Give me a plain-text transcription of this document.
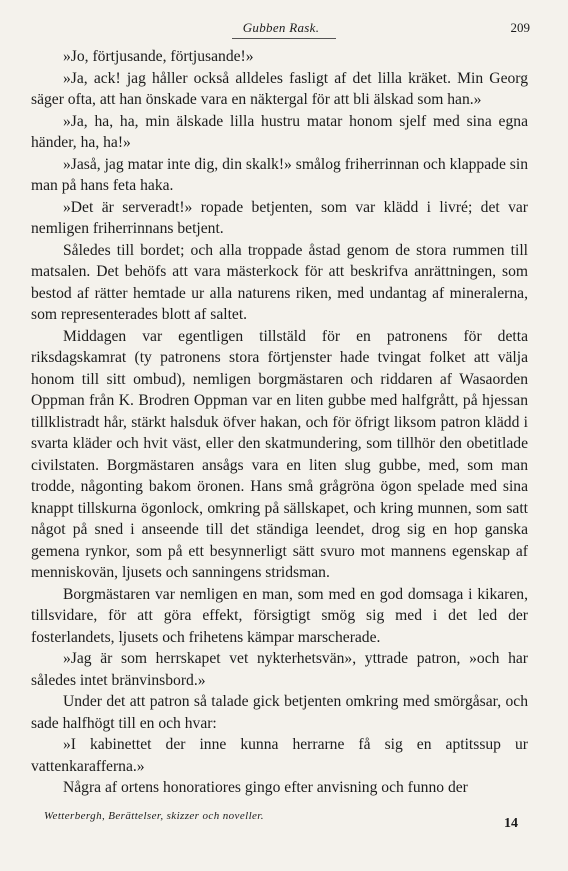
Gubben Rask.	209

»Jo, förtjusande, förtjusande!»

»Ja, ack! jag håller också alldeles fasligt af det lilla kräket. Min Georg säger ofta, att han önskade vara en näktergal för att bli älskad som han.»

»Ja, ha, ha, min älskade lilla hustru matar honom sjelf med sina egna händer, ha, ha!»

»Jaså, jag matar inte dig, din skalk!» smålog friherrinnan och klappade sin man på hans feta haka.

»Det är serveradt!» ropade betjenten, som var klädd i livré; det var nemligen friherrinnans betjent.

Således till bordet; och alla troppade åstad genom de stora rummen till matsalen. Det behöfs att vara mästerkock för att beskrifva anrättningen, som bestod af rätter hemtade ur alla naturens riken, med undantag af mineralerna, som representerades blott af saltet.

Middagen var egentligen tillstäld för en patronens för detta riksdagskamrat (ty patronens stora förtjenster hade tvingat folket att välja honom till sitt ombud), nemligen borgmästaren och riddaren af Wasaorden Oppman från K. Brodren Oppman var en liten gubbe med halfgrått, på hjessan tillklistradt hår, stärkt halsduk öfver hakan, och för öfrigt liksom patron klädd i svarta kläder och hvit väst, eller den skatmundering, som tillhör den obetitlade civilstaten. Borgmästaren ansågs vara en liten slug gubbe, med, som man trodde, någonting bakom öronen. Hans små grågröna ögon spelade med sina knappt tillskurna ögonlock, omkring på sällskapet, och kring munnen, som satt något på sned i anseende till det ständiga leendet, drog sig en hop ganska gemena rynkor, som på ett besynnerligt sätt svuro mot mannens egenskap af menniskovän, ljusets och sanningens stridsman.

Borgmästaren var nemligen en man, som med en god domsaga i kikaren, tillsvidare, för att göra effekt, försigtigt smög sig med i det led der fosterlandets, ljusets och frihetens kämpar marscherade.

»Jag är som herrskapet vet nykterhetsvän», yttrade patron, »och har således intet bränvinsbord.»

Under det att patron så talade gick betjenten omkring med smörgåsar, och sade halfhögt till en och hvar:

»I kabinettet der inne kunna herrarne få sig en aptitssup ur vattenkarafferna.»

Några af ortens honoratiores gingo efter anvisning och funno der

Wetterbergh, Berättelser, skizzer och noveller.	14
